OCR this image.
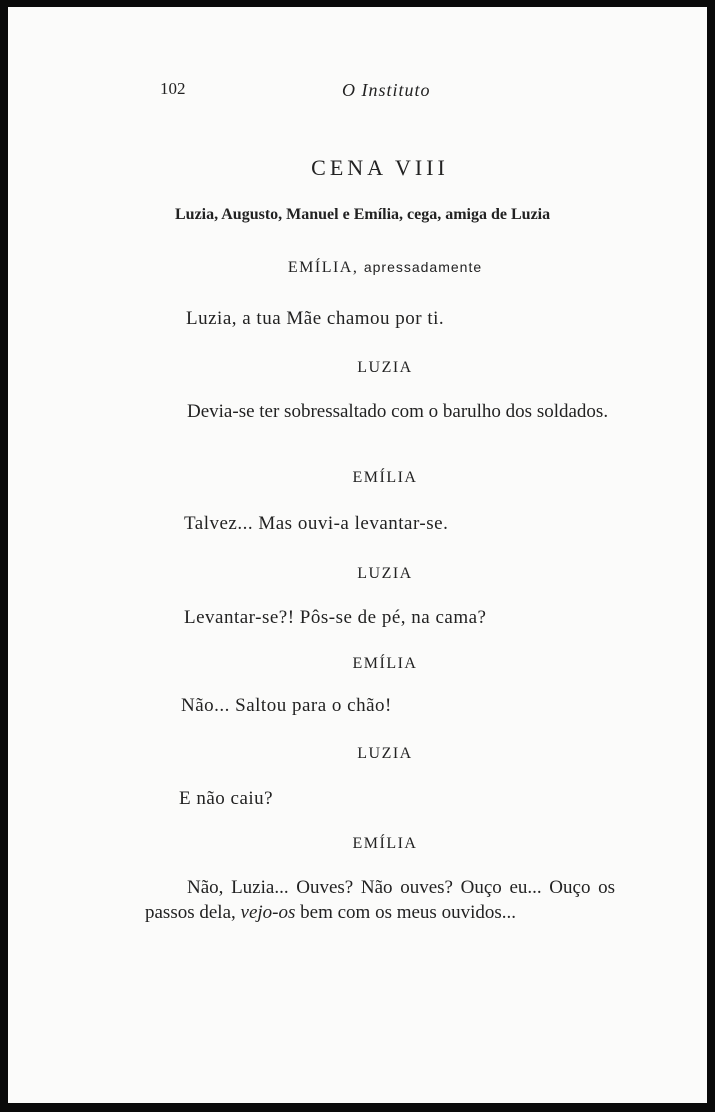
102	O Instituto
CENA VIII
Luzia, Augusto, Manuel e Emília, cega, amiga de Luzia
EMÍLIA, apressadamente
Luzia, a tua Mãe chamou por ti.
LUZIA

Devia-se ter sobressaltado com o barulho dos soldados.

EMÍLIA
Talvez... Mas ouvi-a levantar-se.
LUZIA
Levantar-se?! Pôs-se de pé, na cama?
EMÍLIA
Não... Saltou para o chão!
LUZIA
E não caiu?
EMÍLIA

Não, Luzia... Ouves? Não ouves? Ouço eu... Ouço os passos dela, vejo-os bem com os meus ouvidos...
